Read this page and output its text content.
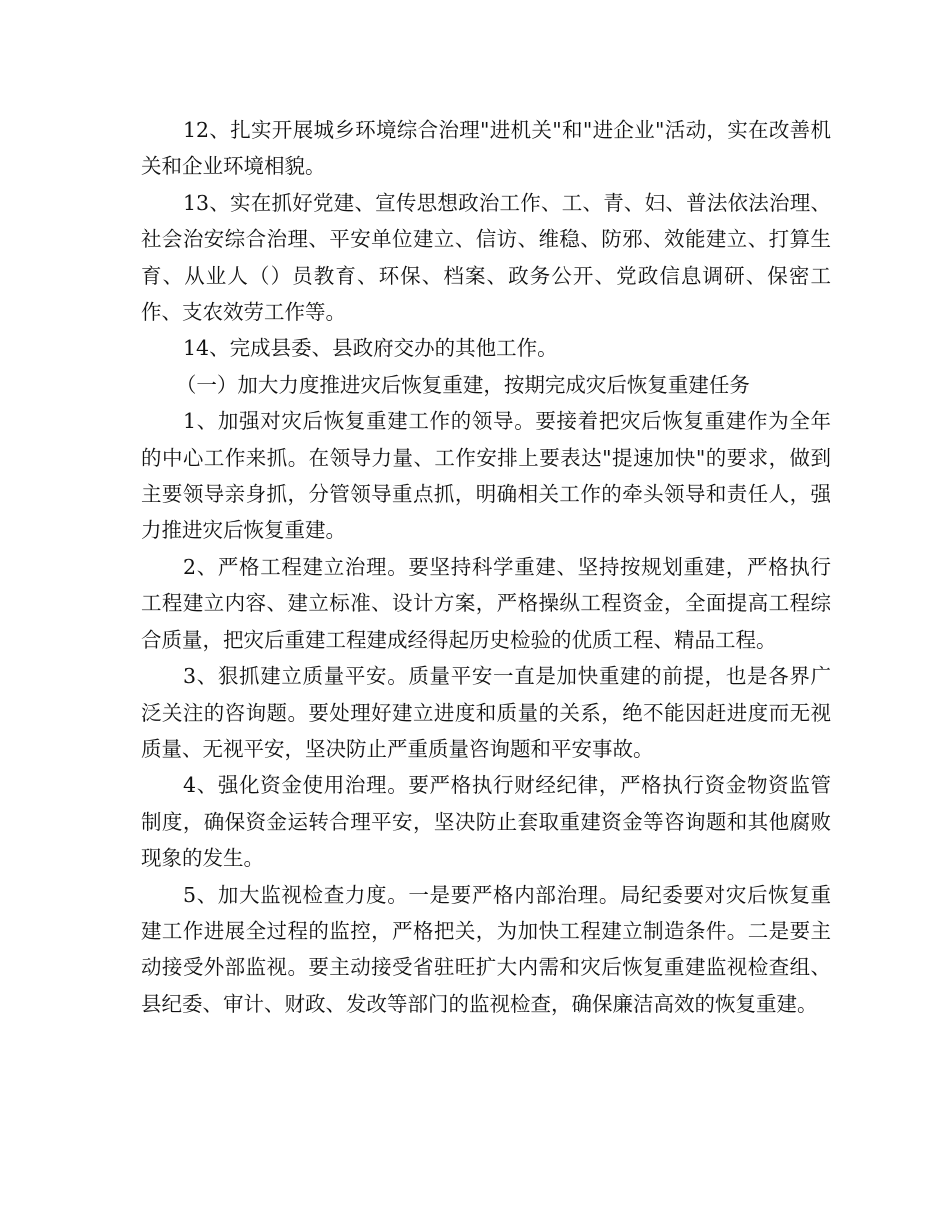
12、扎实开展城乡环境综合治理"进机关"和"进企业"活动，实在改善机关和企业环境相貌。

13、实在抓好党建、宣传思想政治工作、工、青、妇、普法依法治理、社会治安综合治理、平安单位建立、信访、维稳、防邪、效能建立、打算生育、从业人（）员教育、环保、档案、政务公开、党政信息调研、保密工作、支农效劳工作等。

14、完成县委、县政府交办的其他工作。

（一）加大力度推进灾后恢复重建，按期完成灾后恢复重建任务

1、加强对灾后恢复重建工作的领导。要接着把灾后恢复重建作为全年的中心工作来抓。在领导力量、工作安排上要表达"提速加快"的要求，做到主要领导亲身抓，分管领导重点抓，明确相关工作的牵头领导和责任人，强力推进灾后恢复重建。

2、严格工程建立治理。要坚持科学重建、坚持按规划重建，严格执行工程建立内容、建立标准、设计方案，严格操纵工程资金，全面提高工程综合质量，把灾后重建工程建成经得起历史检验的优质工程、精品工程。

3、狠抓建立质量平安。质量平安一直是加快重建的前提，也是各界广泛关注的咨询题。要处理好建立进度和质量的关系，绝不能因赶进度而无视质量、无视平安，坚决防止严重质量咨询题和平安事故。

4、强化资金使用治理。要严格执行财经纪律，严格执行资金物资监管制度，确保资金运转合理平安，坚决防止套取重建资金等咨询题和其他腐败现象的发生。

5、加大监视检查力度。一是要严格内部治理。局纪委要对灾后恢复重建工作进展全过程的监控，严格把关，为加快工程建立制造条件。二是要主动接受外部监视。要主动接受省驻旺扩大内需和灾后恢复重建监视检查组、县纪委、审计、财政、发改等部门的监视检查，确保廉洁高效的恢复重建。
